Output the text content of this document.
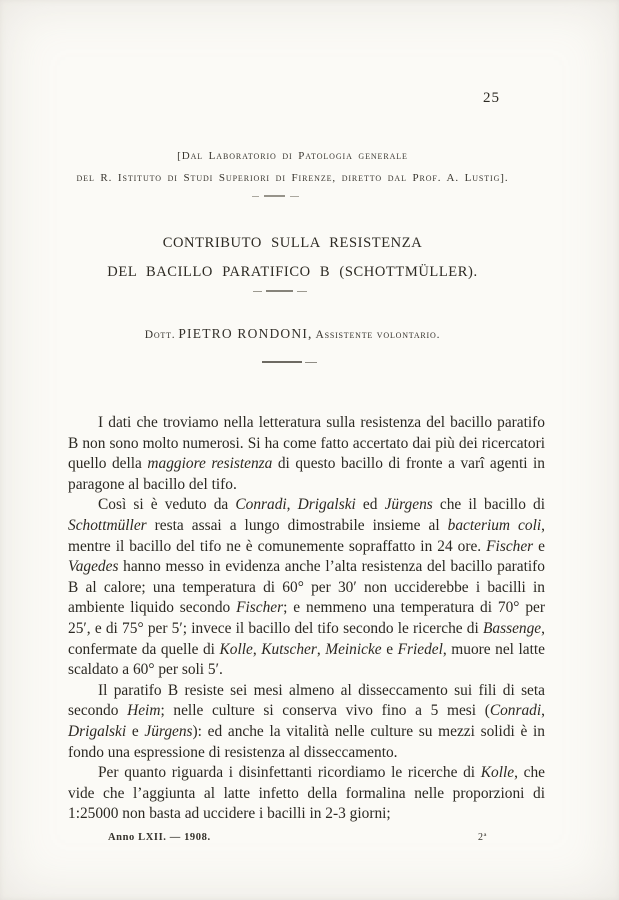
25
[Dal Laboratorio di Patologia generale
del R. Istituto di Studi Superiori di Firenze, diretto dal Prof. A. Lustig].
CONTRIBUTO SULLA RESISTENZA
DEL BACILLO PARATIFICO B (SCHOTTMÜLLER).
Dott. PIETRO RONDONI, Assistente volontario.

I dati che troviamo nella letteratura sulla resistenza del bacillo paratifo B non sono molto numerosi. Si ha come fatto accertato dai più dei ricercatori quello della maggiore resistenza di questo bacillo di fronte a varî agenti in paragone al bacillo del tifo.

Così si è veduto da Conradi, Drigalski ed Jürgens che il bacillo di Schottmüller resta assai a lungo dimostrabile insieme al bacterium coli, mentre il bacillo del tifo ne è comunemente sopraffatto in 24 ore. Fischer e Vagedes hanno messo in evidenza anche l’alta resistenza del bacillo paratifo B al calore; una temperatura di 60° per 30′ non ucciderebbe i bacilli in ambiente liquido secondo Fischer; e nemmeno una temperatura di 70° per 25′, e di 75° per 5′; invece il bacillo del tifo secondo le ricerche di Bassenge, confermate da quelle di Kolle, Kutscher, Meinicke e Friedel, muore nel latte scaldato a 60° per soli 5′.

Il paratifo B resiste sei mesi almeno al disseccamento sui fili di seta secondo Heim; nelle culture si conserva vivo fino a 5 mesi (Conradi, Drigalski e Jürgens): ed anche la vitalità nelle culture su mezzi solidi è in fondo una espressione di resistenza al disseccamento.

Per quanto riguarda i disinfettanti ricordiamo le ricerche di Kolle, che vide che l’aggiunta al latte infetto della formalina nelle proporzioni di 1:25000 non basta ad uccidere i bacilli in 2-3 giorni;

Anno LXII. — 1908.	2ª
